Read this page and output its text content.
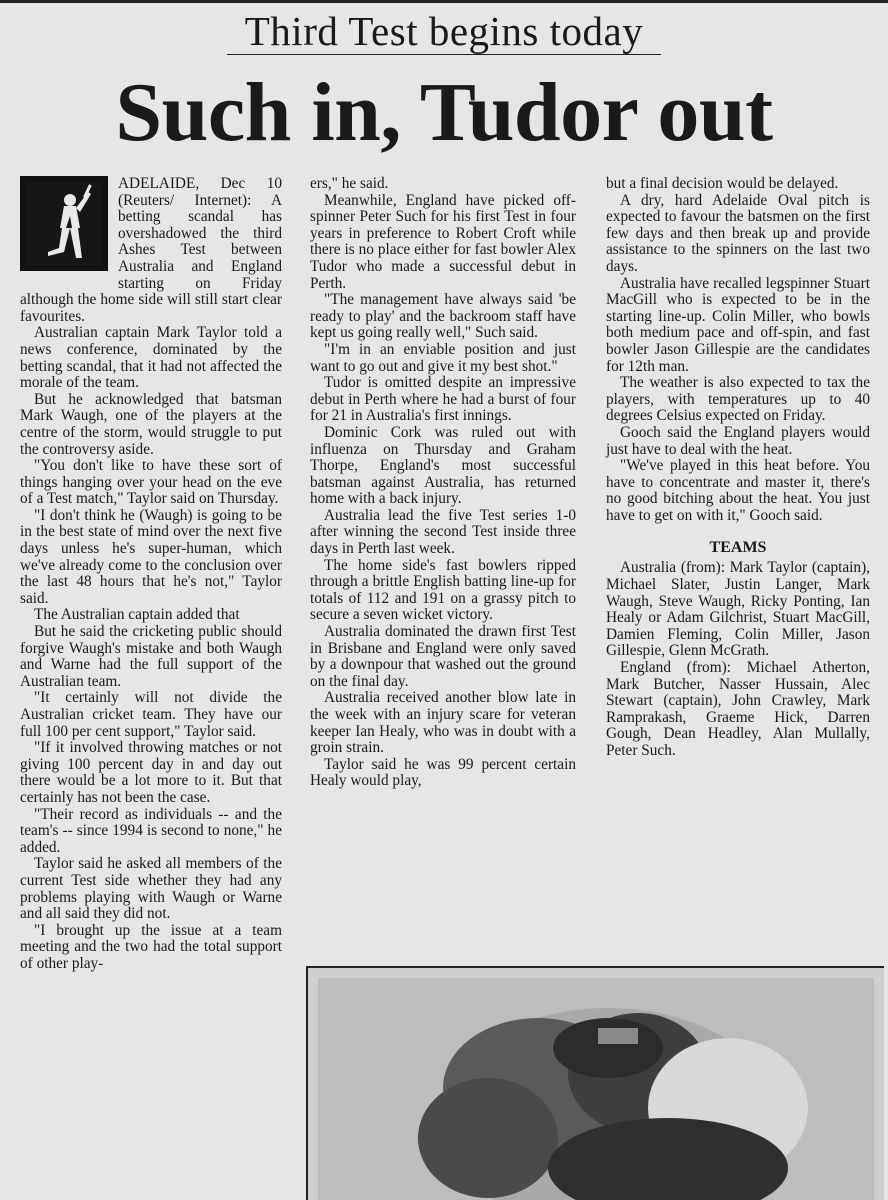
Third Test begins today
Such in, Tudor out

ADELAIDE, Dec 10 (Reuters/ Internet): A betting scandal has overshadowed the third Ashes Test between Australia and England starting on Friday although the home side will still start clear favourites.

Australian captain Mark Taylor told a news conference, dominated by the betting scandal, that it had not affected the morale of the team.

But he acknowledged that batsman Mark Waugh, one of the players at the centre of the storm, would struggle to put the controversy aside.

"You don't like to have these sort of things hanging over your head on the eve of a Test match," Taylor said on Thursday.

"I don't think he (Waugh) is going to be in the best state of mind over the next five days unless he's super-human, which we've already come to the conclusion over the last 48 hours that he's not," Taylor said.

The Australian captain added that

But he said the cricketing public should forgive Waugh's mistake and both Waugh and Warne had the full support of the Australian team.

"It certainly will not divide the Australian cricket team. They have our full 100 per cent support," Taylor said.

"If it involved throwing matches or not giving 100 percent day in and day out there would be a lot more to it. But that certainly has not been the case.

"Their record as individuals -- and the team's -- since 1994 is second to none," he added.

Taylor said he asked all members of the current Test side whether they had any problems playing with Waugh or Warne and all said they did not.

"I brought up the issue at a team meeting and the two had the total support of other play-

ers," he said.

Meanwhile, England have picked off-spinner Peter Such for his first Test in four years in preference to Robert Croft while there is no place either for fast bowler Alex Tudor who made a successful debut in Perth.

"The management have always said 'be ready to play' and the backroom staff have kept us going really well," Such said.

"I'm in an enviable position and just want to go out and give it my best shot."

Tudor is omitted despite an impressive debut in Perth where he had a burst of four for 21 in Australia's first innings.

Dominic Cork was ruled out with influenza on Thursday and Graham Thorpe, England's most successful batsman against Australia, has returned home with a back injury.

Australia lead the five Test series 1-0 after winning the second Test inside three days in Perth last week.

The home side's fast bowlers ripped through a brittle English batting line-up for totals of 112 and 191 on a grassy pitch to secure a seven wicket victory.

Australia dominated the drawn first Test in Brisbane and England were only saved by a downpour that washed out the ground on the final day.

Australia received another blow late in the week with an injury scare for veteran keeper Ian Healy, who was in doubt with a groin strain.

Taylor said he was 99 percent certain Healy would play,

but a final decision would be delayed.

A dry, hard Adelaide Oval pitch is expected to favour the batsmen on the first few days and then break up and provide assistance to the spinners on the last two days.

Australia have recalled legspinner Stuart MacGill who is expected to be in the starting line-up. Colin Miller, who bowls both medium pace and off-spin, and fast bowler Jason Gillespie are the candidates for 12th man.

The weather is also expected to tax the players, with temperatures up to 40 degrees Celsius expected on Friday.

Gooch said the England players would just have to deal with the heat.

"We've played in this heat before. You have to concentrate and master it, there's no good bitching about the heat. You just have to get on with it," Gooch said.

TEAMS

Australia (from): Mark Taylor (captain), Michael Slater, Justin Langer, Mark Waugh, Steve Waugh, Ricky Ponting, Ian Healy or Adam Gilchrist, Stuart MacGill, Damien Fleming, Colin Miller, Jason Gillespie, Glenn McGrath.

England (from): Michael Atherton, Mark Butcher, Nasser Hussain, Alec Stewart (captain), John Crawley, Mark Ramprakash, Graeme Hick, Darren Gough, Dean Headley, Alan Mullally, Peter Such.
